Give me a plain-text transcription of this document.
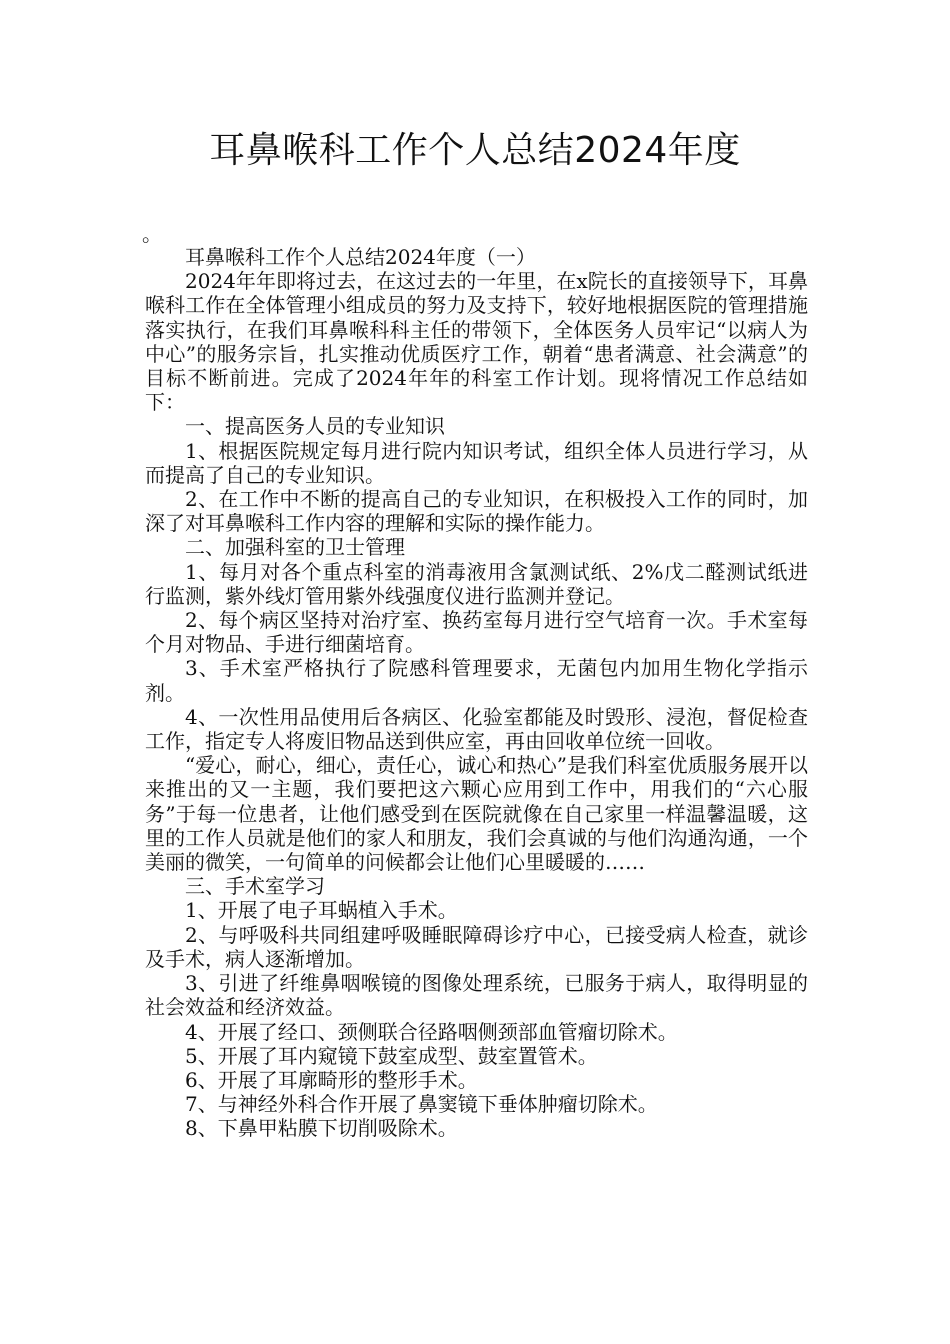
耳鼻喉科工作个人总结2024年度
。

耳鼻喉科工作个人总结2024年度（一）

2024年年即将过去，在这过去的一年里，在x院长的直接领导下，耳鼻喉科工作在全体管理小组成员的努力及支持下，较好地根据医院的管理措施落实执行，在我们耳鼻喉科科主任的带领下，全体医务人员牢记“以病人为中心”的服务宗旨，扎实推动优质医疗工作，朝着“患者满意、社会满意”的目标不断前进。完成了2024年年的科室工作计划。现将情况工作总结如下：

一、提高医务人员的专业知识

1、根据医院规定每月进行院内知识考试，组织全体人员进行学习，从而提高了自己的专业知识。

2、在工作中不断的提高自己的专业知识，在积极投入工作的同时，加深了对耳鼻喉科工作内容的理解和实际的操作能力。

二、加强科室的卫士管理

1、每月对各个重点科室的消毒液用含氯测试纸、2%戊二醛测试纸进行监测，紫外线灯管用紫外线强度仪进行监测并登记。

2、每个病区坚持对治疗室、换药室每月进行空气培育一次。手术室每个月对物品、手进行细菌培育。

3、手术室严格执行了院感科管理要求，无菌包内加用生物化学指示剂。

4、一次性用品使用后各病区、化验室都能及时毁形、浸泡，督促检查工作，指定专人将废旧物品送到供应室，再由回收单位统一回收。

“爱心，耐心，细心，责任心，诚心和热心”是我们科室优质服务展开以来推出的又一主题，我们要把这六颗心应用到工作中，用我们的“六心服务”于每一位患者，让他们感受到在医院就像在自己家里一样温馨温暖，这里的工作人员就是他们的家人和朋友，我们会真诚的与他们沟通沟通，一个美丽的微笑，一句简单的问候都会让他们心里暖暖的……

三、手术室学习

1、开展了电子耳蜗植入手术。

2、与呼吸科共同组建呼吸睡眠障碍诊疗中心，已接受病人检查，就诊及手术，病人逐渐增加。

3、引进了纤维鼻咽喉镜的图像处理系统，已服务于病人，取得明显的社会效益和经济效益。

4、开展了经口、颈侧联合径路咽侧颈部血管瘤切除术。

5、开展了耳内窥镜下鼓室成型、鼓室置管术。

6、开展了耳廓畸形的整形手术。

7、与神经外科合作开展了鼻窦镜下垂体肿瘤切除术。

8、下鼻甲粘膜下切削吸除术。
